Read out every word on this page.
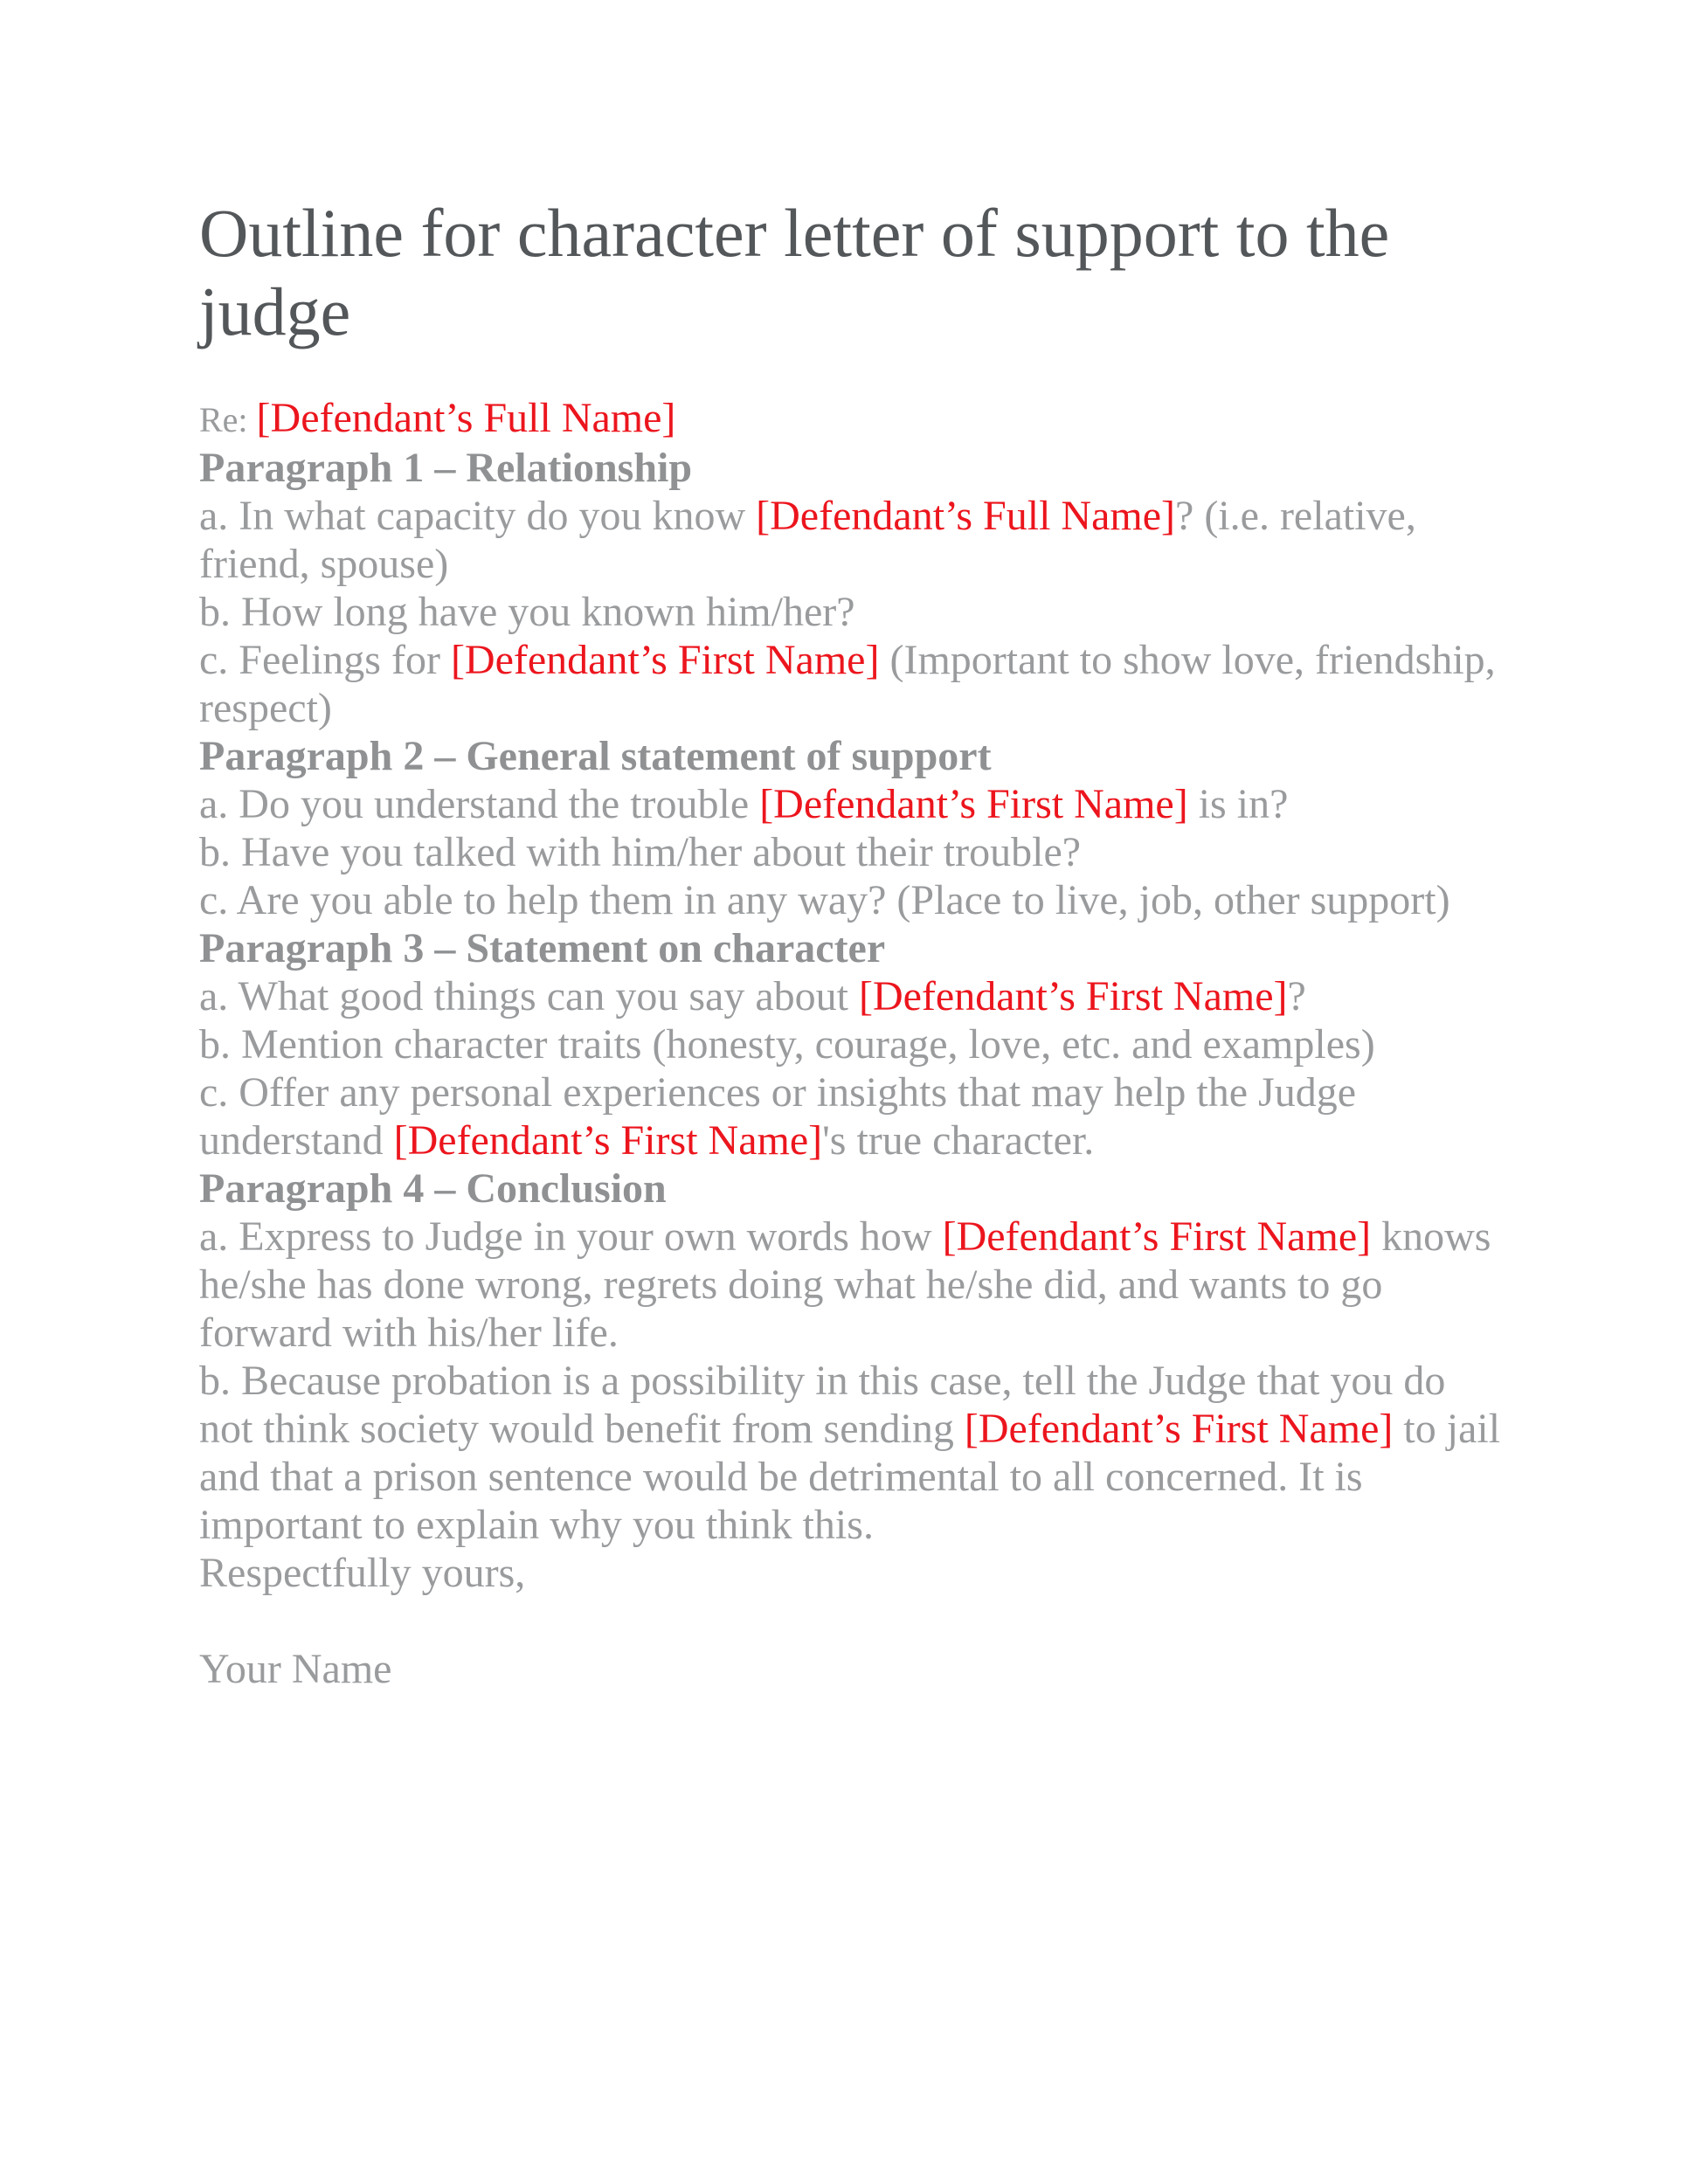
Outline for character letter of support to the judge
Re: [Defendant’s Full Name]
Paragraph 1 – Relationship
a. In what capacity do you know [Defendant’s Full Name]? (i.e. relative,
friend, spouse)
b. How long have you known him/her?
c. Feelings for [Defendant’s First Name] (Important to show love, friendship,
respect)
Paragraph 2 – General statement of support
a. Do you understand the trouble [Defendant’s First Name] is in?
b. Have you talked with him/her about their trouble?
c. Are you able to help them in any way? (Place to live, job, other support)
Paragraph 3 – Statement on character
a. What good things can you say about [Defendant’s First Name]?
b. Mention character traits (honesty, courage, love, etc. and examples)
c. Offer any personal experiences or insights that may help the Judge
understand [Defendant’s First Name]'s true character.
Paragraph 4 – Conclusion
a. Express to Judge in your own words how [Defendant’s First Name] knows
he/she has done wrong, regrets doing what he/she did, and wants to go
forward with his/her life.
b. Because probation is a possibility in this case, tell the Judge that you do
not think society would benefit from sending [Defendant’s First Name] to jail
and that a prison sentence would be detrimental to all concerned. It is
important to explain why you think this.
Respectfully yours,
Your Name
